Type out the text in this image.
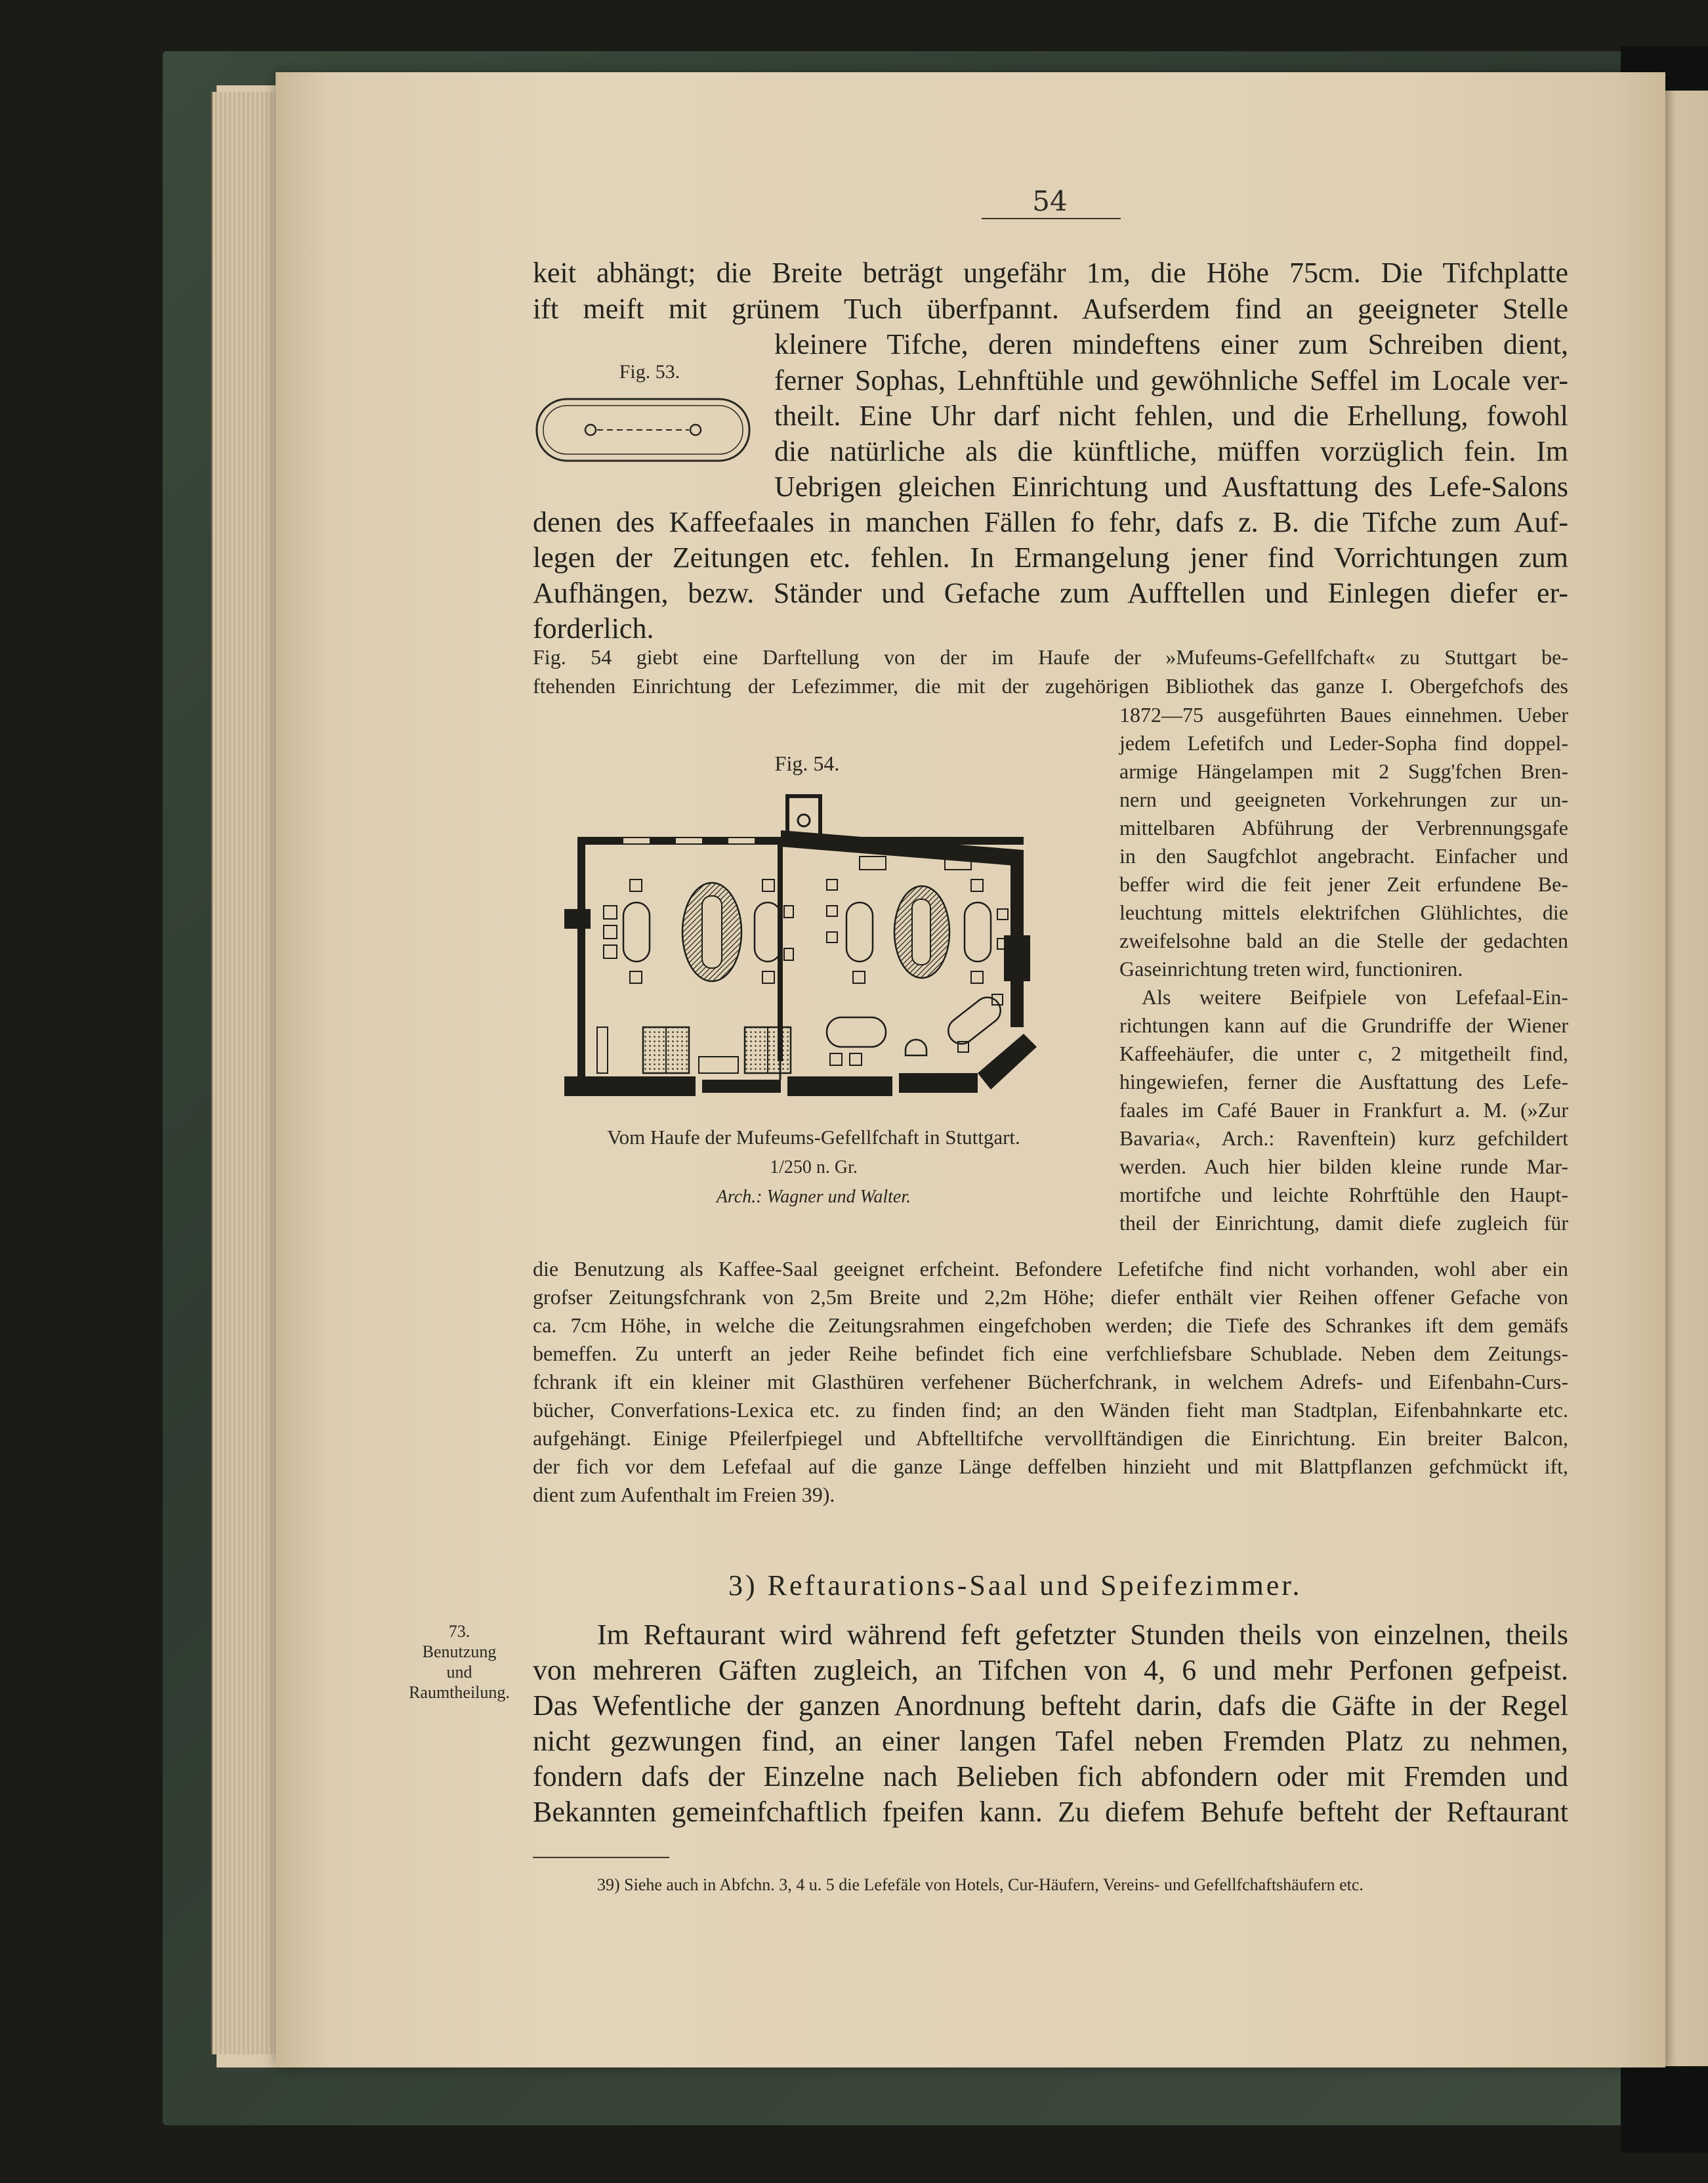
54
keit abhängt; die Breite beträgt ungefähr 1m, die Höhe 75cm. Die Tifchplatte
ift meift mit grünem Tuch überfpannt. Aufserdem find an geeigneter Stelle
kleinere Tifche, deren mindeftens einer zum Schreiben dient,
ferner Sophas, Lehnftühle und gewöhnliche Seffel im Locale ver-
theilt. Eine Uhr darf nicht fehlen, und die Erhellung, fowohl
die natürliche als die künftliche, müffen vorzüglich fein. Im
Uebrigen gleichen Einrichtung und Ausftattung des Lefe-Salons
denen des Kaffeefaales in manchen Fällen fo fehr, dafs z. B. die Tifche zum Auf-
legen der Zeitungen etc. fehlen. In Ermangelung jener find Vorrichtungen zum
Aufhängen, bezw. Ständer und Gefache zum Aufftellen und Einlegen diefer er-
forderlich.
Fig. 53.
Fig. 54 giebt eine Darftellung von der im Haufe der »Mufeums-Gefellfchaft« zu Stuttgart be-
ftehenden Einrichtung der Lefezimmer, die mit der zugehörigen Bibliothek das ganze I. Obergefchofs des
1872—75 ausgeführten Baues einnehmen. Ueber
jedem Lefetifch und Leder-Sopha find doppel-
armige Hängelampen mit 2 Sugg'fchen Bren-
nern und geeigneten Vorkehrungen zur un-
mittelbaren Abführung der Verbrennungsgafe
in den Saugfchlot angebracht. Einfacher und
beffer wird die feit jener Zeit erfundene Be-
leuchtung mittels elektrifchen Glühlichtes, die
zweifelsohne bald an die Stelle der gedachten
Gaseinrichtung treten wird, functioniren.
Als weitere Beifpiele von Lefefaal-Ein-
richtungen kann auf die Grundriffe der Wiener
Kaffeehäufer, die unter c, 2 mitgetheilt find,
hingewiefen, ferner die Ausftattung des Lefe-
faales im Café Bauer in Frankfurt a. M. (»Zur
Bavaria«, Arch.: Ravenftein) kurz gefchildert
werden. Auch hier bilden kleine runde Mar-
mortifche und leichte Rohrftühle den Haupt-
theil der Einrichtung, damit diefe zugleich für
Fig. 54.
Vom Haufe der Mufeums-Gefellfchaft in Stuttgart.
1/250 n. Gr.
Arch.: Wagner und Walter.
die Benutzung als Kaffee-Saal geeignet erfcheint. Befondere Lefetifche find nicht vorhanden, wohl aber ein
grofser Zeitungsfchrank von 2,5m Breite und 2,2m Höhe; diefer enthält vier Reihen offener Gefache von
ca. 7cm Höhe, in welche die Zeitungsrahmen eingefchoben werden; die Tiefe des Schrankes ift dem gemäfs
bemeffen. Zu unterft an jeder Reihe befindet fich eine verfchliefsbare Schublade. Neben dem Zeitungs-
fchrank ift ein kleiner mit Glasthüren verfehener Bücherfchrank, in welchem Adrefs- und Eifenbahn-Curs-
bücher, Converfations-Lexica etc. zu finden find; an den Wänden fieht man Stadtplan, Eifenbahnkarte etc.
aufgehängt. Einige Pfeilerfpiegel und Abftelltifche vervollftändigen die Einrichtung. Ein breiter Balcon,
der fich vor dem Lefefaal auf die ganze Länge deffelben hinzieht und mit Blattpflanzen gefchmückt ift,
dient zum Aufenthalt im Freien 39).
3) Reftaurations-Saal und Speifezimmer.
73.
Benutzung
und
Raumtheilung.
Im Reftaurant wird während feft gefetzter Stunden theils von einzelnen, theils
von mehreren Gäften zugleich, an Tifchen von 4, 6 und mehr Perfonen gefpeist.
Das Wefentliche der ganzen Anordnung befteht darin, dafs die Gäfte in der Regel
nicht gezwungen find, an einer langen Tafel neben Fremden Platz zu nehmen,
fondern dafs der Einzelne nach Belieben fich abfondern oder mit Fremden und
Bekannten gemeinfchaftlich fpeifen kann. Zu diefem Behufe befteht der Reftaurant
39) Siehe auch in Abfchn. 3, 4 u. 5 die Lefefäle von Hotels, Cur-Häufern, Vereins- und Gefellfchaftshäufern etc.
